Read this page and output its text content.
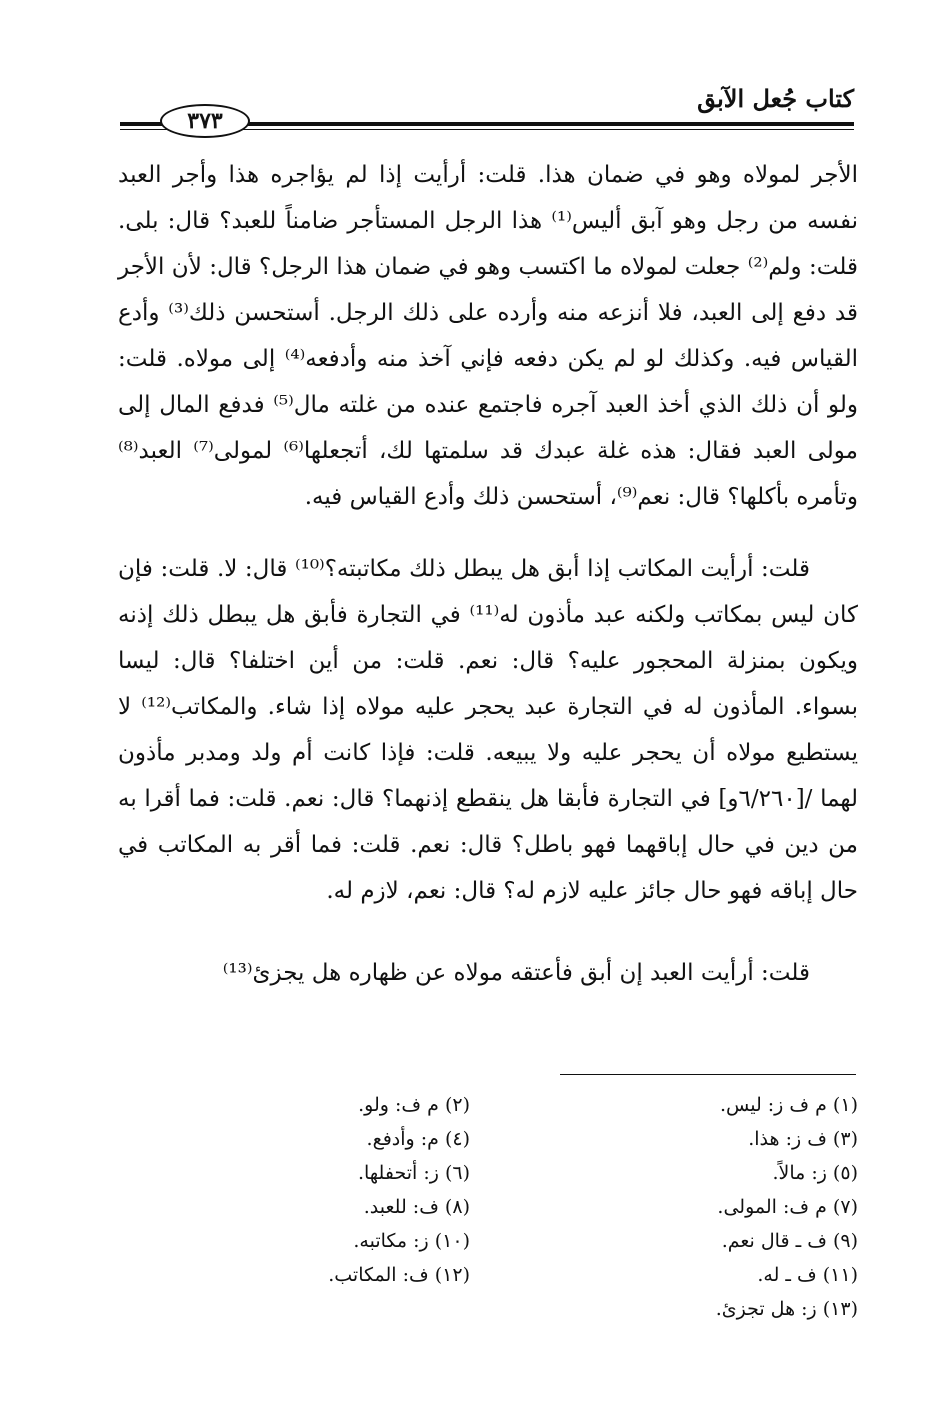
كتاب جُعل الآبق
٣٧٣

الأجر لمولاه وهو في ضمان هذا. قلت: أرأيت إذا لم يؤاجره هذا وأجر العبد نفسه من رجل وهو آبق أليس⁽¹⁾ هذا الرجل المستأجر ضامناً للعبد؟ قال: بلى. قلت: ولم⁽²⁾ جعلت لمولاه ما اكتسب وهو في ضمان هذا الرجل؟ قال: لأن الأجر قد دفع إلى العبد، فلا أنزعه منه وأرده على ذلك الرجل. أستحسن ذلك⁽³⁾ وأدع القياس فيه. وكذلك لو لم يكن دفعه فإني آخذ منه وأدفعه⁽⁴⁾ إلى مولاه. قلت: ولو أن ذلك الذي أخذ العبد آجره فاجتمع عنده من غلته مال⁽⁵⁾ فدفع المال إلى مولى العبد فقال: هذه غلة عبدك قد سلمتها لك، أتجعلها⁽⁶⁾ لمولى⁽⁷⁾ العبد⁽⁸⁾ وتأمره بأكلها؟ قال: نعم⁽⁹⁾، أستحسن ذلك وأدع القياس فيه.

قلت: أرأيت المكاتب إذا أبق هل يبطل ذلك مكاتبته؟⁽¹⁰⁾ قال: لا. قلت: فإن كان ليس بمكاتب ولكنه عبد مأذون له⁽¹¹⁾ في التجارة فأبق هل يبطل ذلك إذنه ويكون بمنزلة المحجور عليه؟ قال: نعم. قلت: من أين اختلفا؟ قال: ليسا بسواء. المأذون له في التجارة عبد يحجر عليه مولاه إذا شاء. والمكاتب⁽¹²⁾ لا يستطيع مولاه أن يحجر عليه ولا يبيعه. قلت: فإذا كانت أم ولد ومدبر مأذون لهما /[٦/٢٦٠و] في التجارة فأبقا هل ينقطع إذنهما؟ قال: نعم. قلت: فما أقرا به من دين في حال إباقهما فهو باطل؟ قال: نعم. قلت: فما أقر به المكاتب في حال إباقه فهو حال جائز عليه لازم له؟ قال: نعم، لازم له.

قلت: أرأيت العبد إن أبق فأعتقه مولاه عن ظهاره هل يجزئ⁽¹³⁾

(١) م ف ز: ليس.
(٣) ف ز: هذا.
(٥) ز: مالاً.
(٧) م ف: المولى.
(٩) ف ـ قال نعم.
(١١) ف ـ له.
(١٣) ز: هل تجزئ.
(٢) م ف: ولو.
(٤) م: وأدفع.
(٦) ز: أتحفلها.
(٨) ف: للعبد.
(١٠) ز: مكاتبه.
(١٢) ف: المكاتب.
